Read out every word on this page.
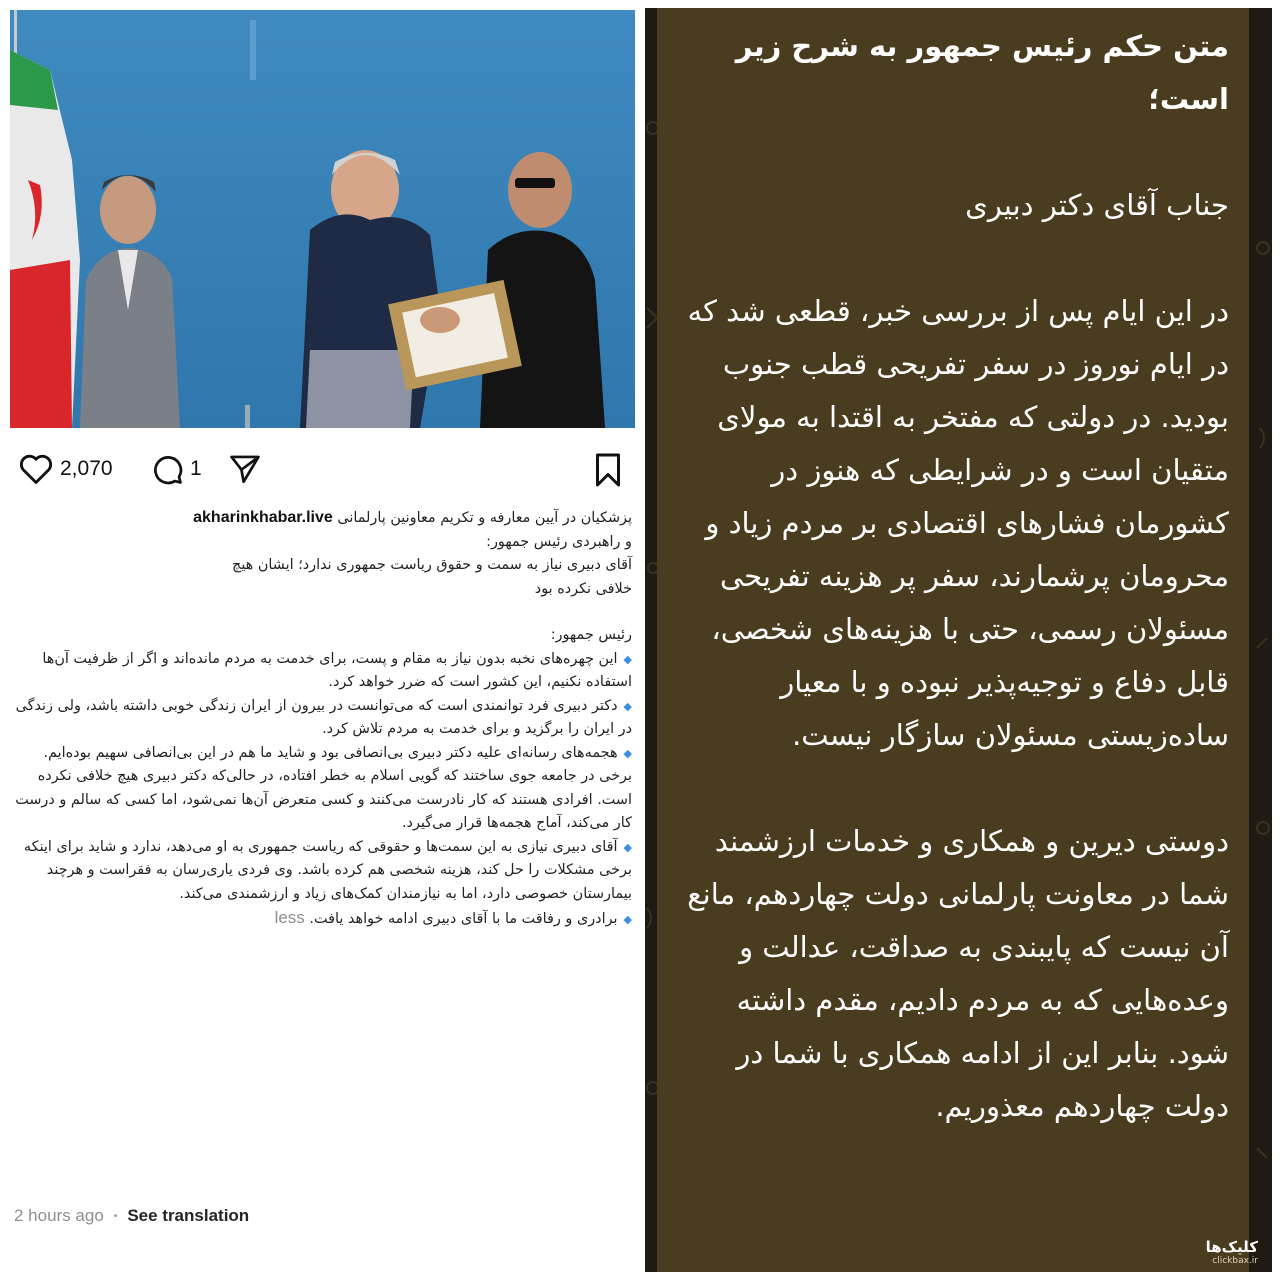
2,070	1

پزشکیان در آیین معارفه و تکریم معاونین پارلمانی akharinkhabar.live

و راهبردی رئیس جمهور:

آقای دبیری نیاز به سمت و حقوق ریاست جمهوری ندارد؛ ایشان هیچ

خلافی نکرده بود

رئیس جمهور:

◆این چهره‌های نخبه بدون نیاز به مقام و پست، برای خدمت به مردم مانده‌اند و اگر از ظرفیت آن‌ها استفاده نکنیم، این کشور است که ضرر خواهد کرد.

◆دکتر دبیری فرد توانمندی است که می‌توانست در بیرون از ایران زندگی خوبی داشته باشد، ولی زندگی در ایران را برگزید و برای خدمت به مردم تلاش کرد.

◆هجمه‌های رسانه‌ای علیه دکتر دبیری بی‌انصافی بود و شاید ما هم در این بی‌انصافی سهیم بوده‌ایم. برخی در جامعه جوی ساختند که گویی اسلام به خطر افتاده، در حالی‌که دکتر دبیری هیچ خلافی نکرده است. افرادی هستند که کار نادرست می‌کنند و کسی متعرض آن‌ها نمی‌شود، اما کسی که سالم و درست کار می‌کند، آماج هجمه‌ها قرار می‌گیرد.

◆آقای دبیری نیازی به این سمت‌ها و حقوقی که ریاست جمهوری به او می‌دهد، ندارد و شاید برای اینکه برخی مشکلات را حل کند، هزینه شخصی هم کرده باشد. وی فردی یاری‌رسان به فقراست و هرچند بیمارستان خصوصی دارد، اما به نیازمندان کمک‌های زیاد و ارزشمندی می‌کند.

◆برادری و رفاقت ما با آقای دبیری ادامه خواهد یافت. less

2 hours ago • See translation

متن حکم رئیس جمهور به شرح زیر است؛

جناب آقای دکتر دبیری

در این ایام پس از بررسی خبر، قطعی شد که در ایام نوروز در سفر تفریحی قطب جنوب بودید. در دولتی که مفتخر به اقتدا به مولای متقیان است و در شرایطی که هنوز در کشورمان فشارهای اقتصادی بر مردم زیاد و محرومان پرشمارند، سفر پر هزینه تفریحی مسئولان رسمی، حتی با هزینه‌های شخصی، قابل دفاع و توجیه‌پذیر نبوده و با معیار ساده‌زیستی مسئولان سازگار نیست.

دوستی دیرین و همکاری و خدمات ارزشمند شما در معاونت پارلمانی دولت چهاردهم، مانع آن نیست که پایبندی به صداقت، عدالت و وعده‌هایی که به مردم دادیم، مقدم داشته شود. بنابر این از ادامه همکاری با شما در دولت چهاردهم معذوریم.

کلیک‌ها
clickbax.ir
